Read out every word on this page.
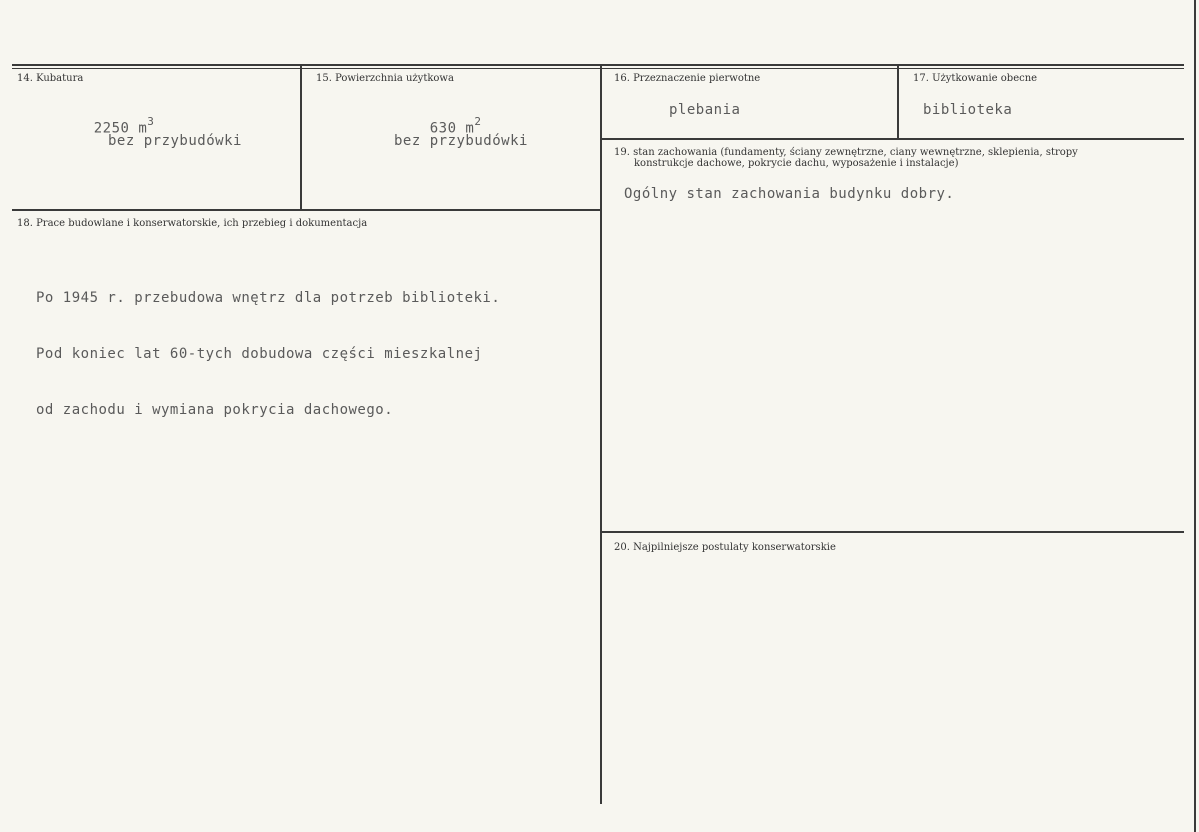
14. Kubatura

2250 $m^3$

bez przybudówki
15. Powierzchnia użytkowa

630 $m^2$

bez przybudówki
16. Przeznaczenie pierwotne
plebania
17. Użytkowanie obecne
biblioteka
18. Prace budowlane i konserwatorskie, ich przebieg i dokumentacja

Po 1945 r. przebudowa wnętrz dla potrzeb biblioteki.

Pod koniec lat 60-tych dobudowa części mieszkalnej

od zachodu i wymiana pokrycia dachowego.

19. stan zachowania (fundamenty, ściany zewnętrzne, ciany wewnętrzne, sklepienia, stropy
konstrukcje dachowe, pokrycie dachu, wyposażenie i instalacje)
Ogólny stan zachowania budynku dobry.
20. Najpilniejsze postulaty konserwatorskie
